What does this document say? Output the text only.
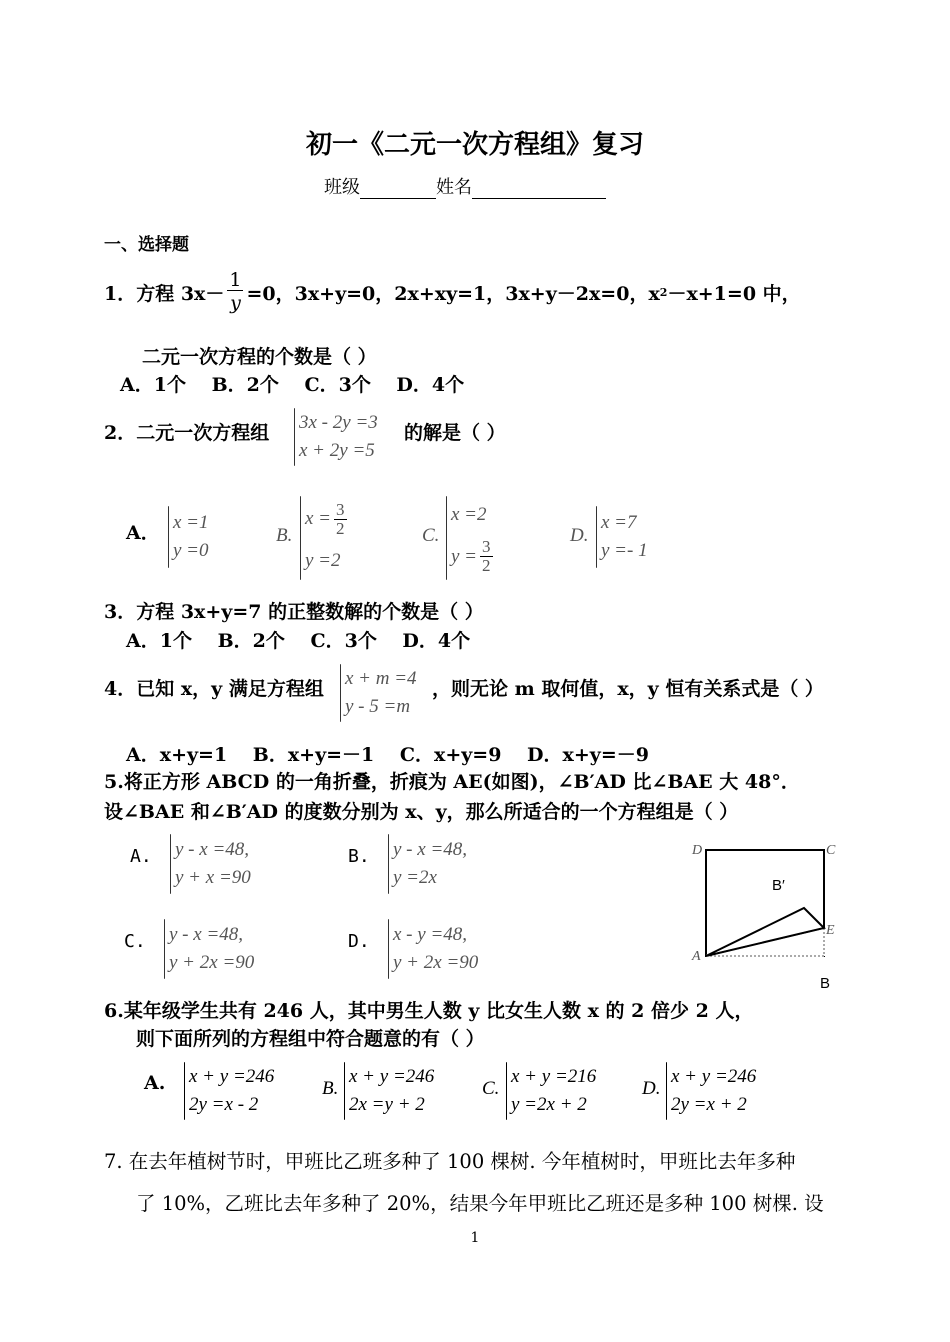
初一《二元一次方程组》复习
班级	姓名
一、选择题
1．方程 $3x- \frac{1}{y} =0$，3x+y=0，2x+xy=1，3x+y－2x=0，x 2 －x+1=0 中，
二元一次方程的个数是（ ）
A．1个　 B．2个　 C．3个　 D．4个
2．二元一次方程组 3x - 2y =3
x + 2y =5
的解是（ ）
A． x =1
y =0
B.
$x = \frac{3}{2}$
y =2
C.
x =2
$y = \frac{3}{2}$
D.
x =7
y =- 1
3．方程 3x+y=7 的正整数解的个数是（ ）
A．1个　 B．2个　 C．3个　 D．4个
4．已知 x，y 满足方程组 x + m =4
y - 5 =m
，则无论 m 取何值，x，y 恒有关系式是（ ）
A．x+y=1　 B．x+y=－1　 C．x+y=9　 D．x+y=－9
5.将正方形 ABCD 的一角折叠，折痕为 AE(如图)，∠B′AD 比∠BAE 大 48°．
设∠BAE 和∠B′AD 的度数分别为 x、y，那么所适合的一个方程组是（ ）
A. y - x =48,
y + x =90
B. y - x =48,
y =2x
C. y - x =48,
y + 2x =90
D. x - y =48,
y + 2x =90
D	C
B′
A
E
B
6.某年级学生共有 246 人，其中男生人数 y 比女生人数 x 的 2 倍少 2 人，
则下面所列的方程组中符合题意的有（ ）
A. x + y =246
2y =x - 2
B.
x + y =246
2x =y + 2
C.
x + y =216
y =2x + 2
D.
x + y =246
2y =x + 2
7. 在去年植树节时，甲班比乙班多种了 100 棵树. 今年植树时，甲班比去年多种
了 10%，乙班比去年多种了 20%，结果今年甲班比乙班还是多种 100 树棵. 设
1
